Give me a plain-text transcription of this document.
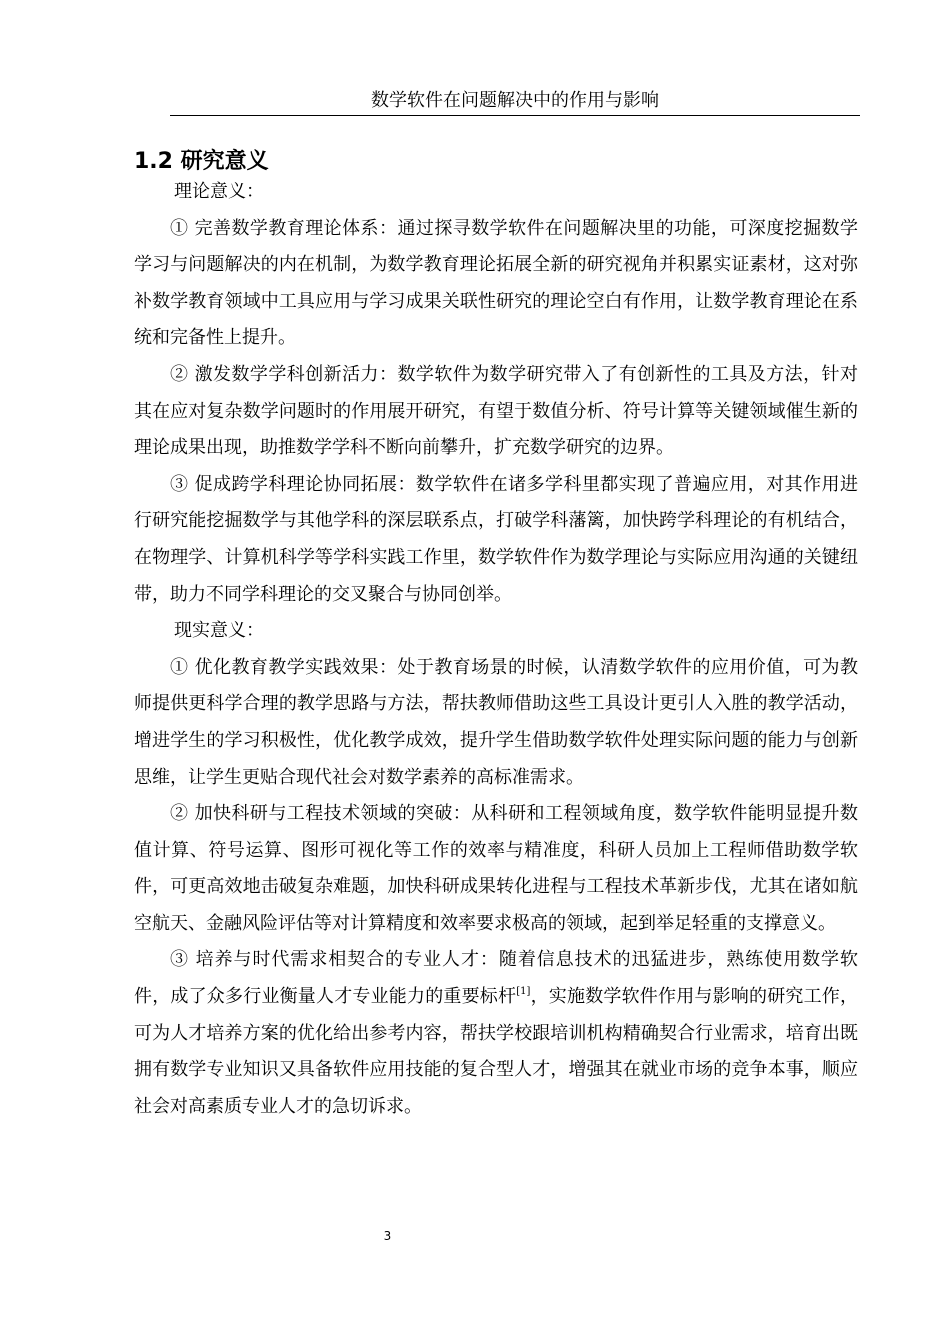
数学软件在问题解决中的作用与影响
1.2 研究意义

理论意义：

① 完善数学教育理论体系：通过探寻数学软件在问题解决里的功能，可深度挖掘数学学习与问题解决的内在机制，为数学教育理论拓展全新的研究视角并积累实证素材，这对弥补数学教育领域中工具应用与学习成果关联性研究的理论空白有作用，让数学教育理论在系统和完备性上提升。

② 激发数学学科创新活力：数学软件为数学研究带入了有创新性的工具及方法，针对其在应对复杂数学问题时的作用展开研究，有望于数值分析、符号计算等关键领域催生新的理论成果出现，助推数学学科不断向前攀升，扩充数学研究的边界。

③ 促成跨学科理论协同拓展：数学软件在诸多学科里都实现了普遍应用，对其作用进行研究能挖掘数学与其他学科的深层联系点，打破学科藩篱，加快跨学科理论的有机结合，在物理学、计算机科学等学科实践工作里，数学软件作为数学理论与实际应用沟通的关键纽带，助力不同学科理论的交叉聚合与协同创举。

现实意义：

① 优化教育教学实践效果：处于教育场景的时候，认清数学软件的应用价值，可为教师提供更科学合理的教学思路与方法，帮扶教师借助这些工具设计更引人入胜的教学活动，增进学生的学习积极性，优化教学成效，提升学生借助数学软件处理实际问题的能力与创新思维，让学生更贴合现代社会对数学素养的高标准需求。

② 加快科研与工程技术领域的突破：从科研和工程领域角度，数学软件能明显提升数值计算、符号运算、图形可视化等工作的效率与精准度，科研人员加上工程师借助数学软件，可更高效地击破复杂难题，加快科研成果转化进程与工程技术革新步伐，尤其在诸如航空航天、金融风险评估等对计算精度和效率要求极高的领域，起到举足轻重的支撑意义。

③ 培养与时代需求相契合的专业人才：随着信息技术的迅猛进步，熟练使用数学软件，成了众多行业衡量人才专业能力的重要标杆[1]，实施数学软件作用与影响的研究工作，可为人才培养方案的优化给出参考内容，帮扶学校跟培训机构精确契合行业需求，培育出既拥有数学专业知识又具备软件应用技能的复合型人才，增强其在就业市场的竞争本事，顺应社会对高素质专业人才的急切诉求。

3
